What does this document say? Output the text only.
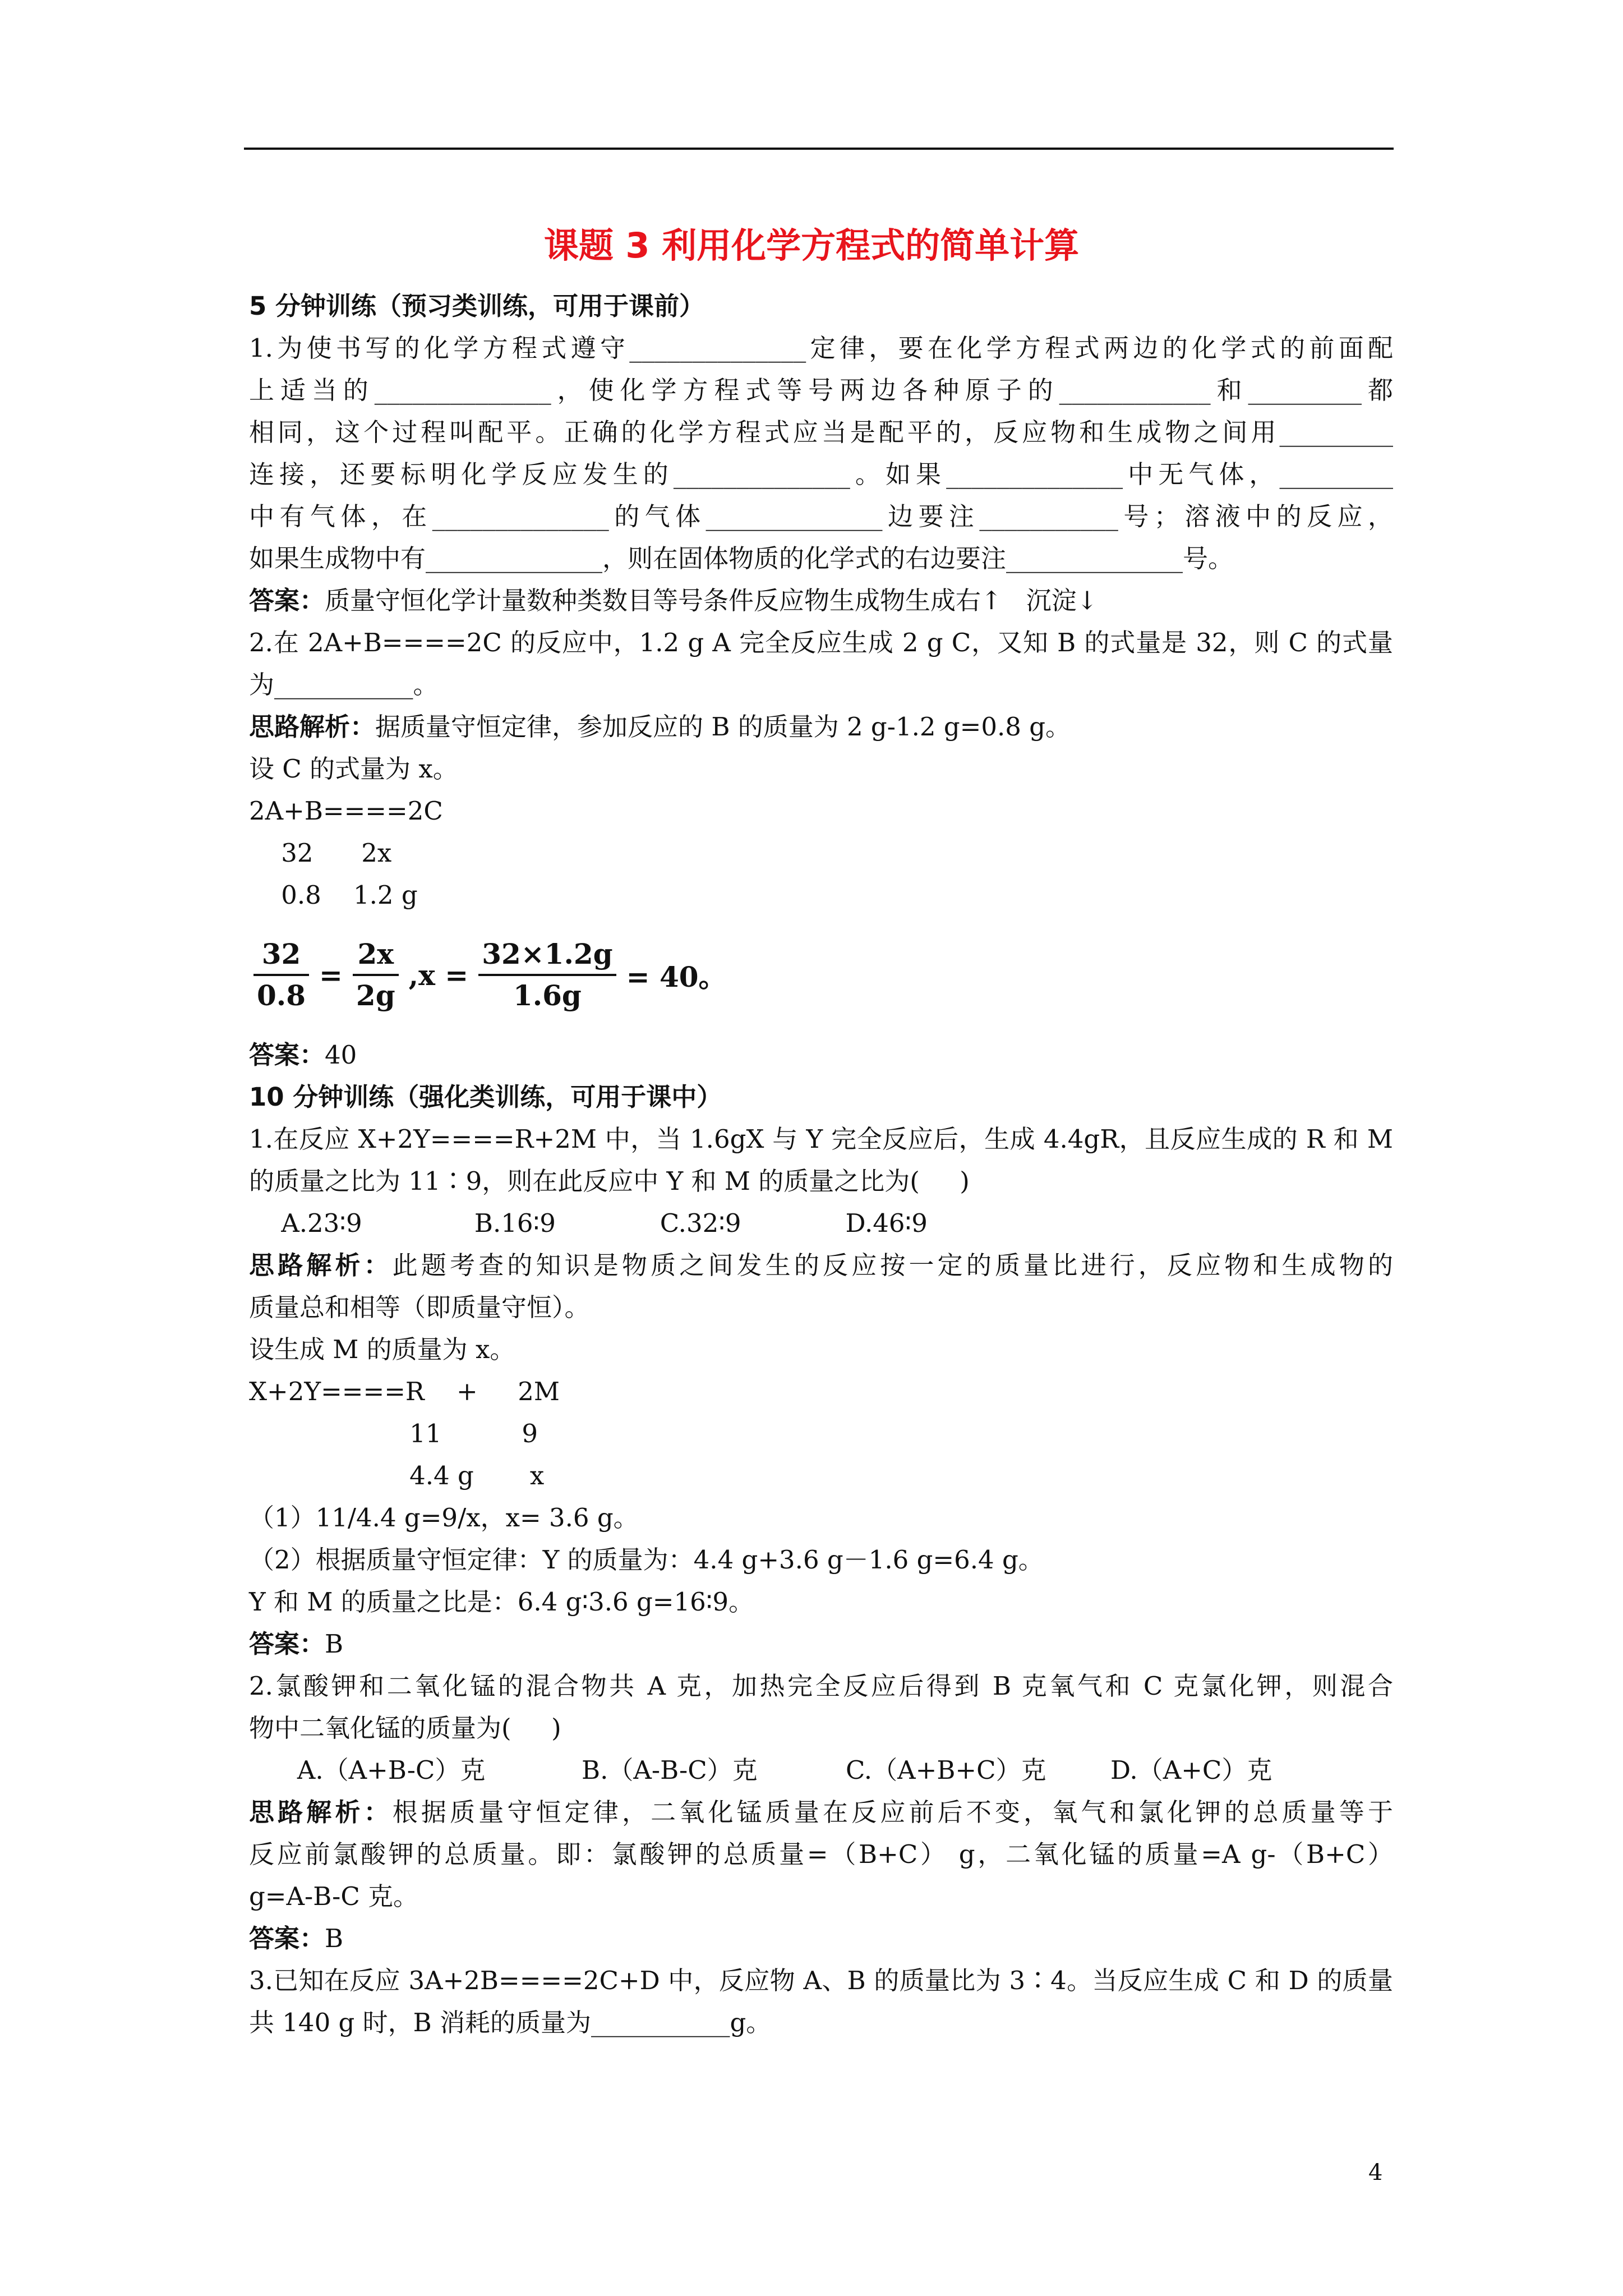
课题 3 利用化学方程式的简单计算
5 分钟训练（预习类训练，可用于课前）
1.为使书写的化学方程式遵守______________定律，要在化学方程式两边的化学式的前面配
上适当的______________，使化学方程式等号两边各种原子的____________和_________都
相同，这个过程叫配平。正确的化学方程式应当是配平的，反应物和生成物之间用_________
连接，还要标明化学反应发生的______________。如果______________中无气体，_________
中有气体，在______________的气体______________边要注___________号；溶液中的反应，
如果生成物中有______________，则在固体物质的化学式的右边要注______________号。
答案：质量守恒化学计量数种类数目等号条件反应物生成物生成右↑   沉淀↓
2.在 2A+B====2C 的反应中，1.2 g A 完全反应生成 2 g C，又知 B 的式量是 32，则 C 的式量
为___________。
思路解析：据质量守恒定律，参加反应的 B 的质量为 2 g-1.2 g=0.8 g。
设 C 的式量为 x。
2A+B====2C
32      2x
0.8    1.2 g
$\frac{32}{0.8} = \frac{2x}{2g} ,x = \frac{32\times 1.2g}{1.6g} = 40$。
答案：40
10 分钟训练（强化类训练，可用于课中）
1.在反应 X+2Y====R+2M 中，当 1.6gX 与 Y 完全反应后，生成 4.4gR，且反应生成的 R 和 M
的质量之比为 11∶9，则在此反应中 Y 和 M 的质量之比为(     )
A.23∶9              B.16∶9             C.32∶9             D.46∶9
思路解析：此题考查的知识是物质之间发生的反应按一定的质量比进行，反应物和生成物的
质量总和相等（即质量守恒）。
设生成 M 的质量为 x。
X+2Y====R    +     2M
11          9
4.4 g       x
（1）11/4.4 g=9/x，x= 3.6 g。
（2）根据质量守恒定律：Y 的质量为：4.4 g+3.6 g－1.6 g=6.4 g。
Y 和 M 的质量之比是：6.4 g∶3.6 g=16∶9。
答案：B
2.氯酸钾和二氧化锰的混合物共 A 克，加热完全反应后得到 B 克氧气和 C 克氯化钾，则混合
物中二氧化锰的质量为(     )
A.（A+B-C）克            B.（A-B-C）克           C.（A+B+C）克        D.（A+C）克
思路解析：根据质量守恒定律，二氧化锰质量在反应前后不变，氧气和氯化钾的总质量等于
反应前氯酸钾的总质量。即：氯酸钾的总质量=（B+C） g，二氧化锰的质量=A g-（B+C）
g=A-B-C 克。
答案：B
3.已知在反应 3A+2B====2C+D 中，反应物 A、B 的质量比为 3∶4。当反应生成 C 和 D 的质量
共 140 g 时，B 消耗的质量为___________g。
4
